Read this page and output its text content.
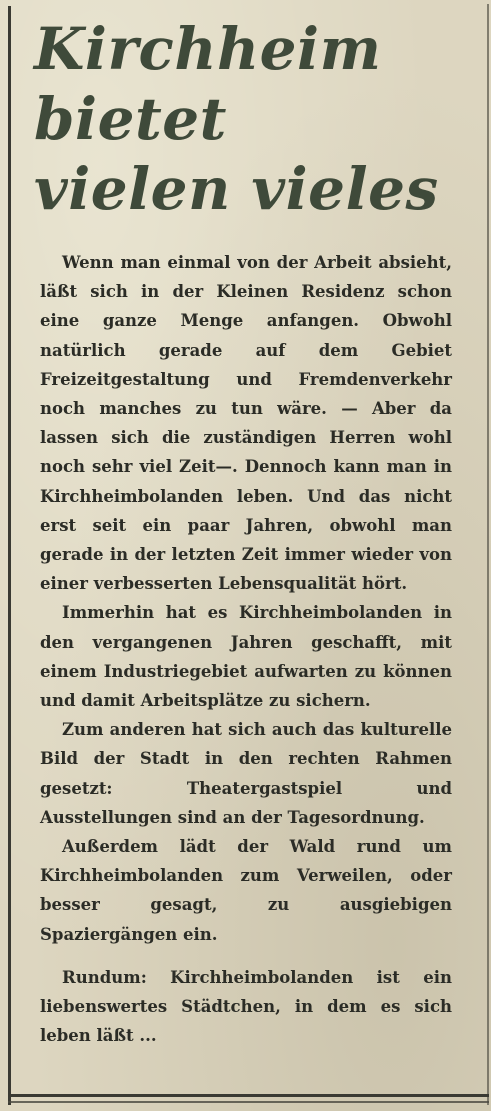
Kirchheim
bietet
vielen vieles

Wenn man einmal von der Arbeit absieht, läßt sich in der Kleinen Residenz schon eine ganze Menge anfangen. Obwohl natürlich gerade auf dem Gebiet Freizeitgestaltung und Fremdenverkehr noch manches zu tun wäre. — Aber da lassen sich die zuständigen Herren wohl noch sehr viel Zeit—. Dennoch kann man in Kirchheimbolanden leben. Und das nicht erst seit ein paar Jahren, obwohl man gerade in der letzten Zeit immer wieder von einer verbesserten Lebensqualität hört.

Immerhin hat es Kirchheimbolanden in den vergangenen Jahren geschafft, mit einem Industriegebiet aufwarten zu können und damit Arbeitsplätze zu sichern.

Zum anderen hat sich auch das kulturelle Bild der Stadt in den rechten Rahmen gesetzt: Theatergastspiel und Ausstellungen sind an der Tagesordnung.

Außerdem lädt der Wald rund um Kirchheimbolanden zum Verweilen, oder besser gesagt, zu ausgiebigen Spaziergängen ein.

Rundum: Kirchheimbolanden ist ein liebenswertes Städtchen, in dem es sich leben läßt ...
